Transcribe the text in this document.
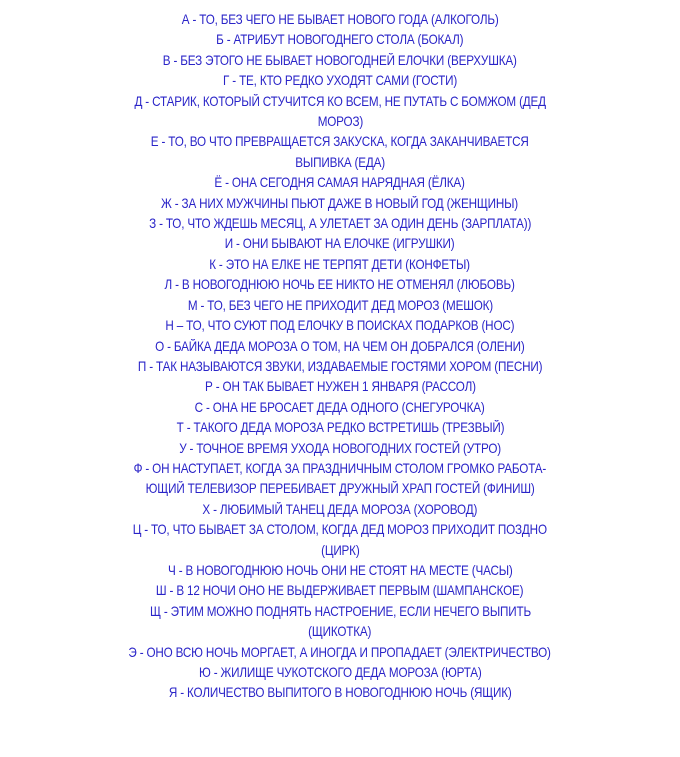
А - ТО, БЕЗ ЧЕГО НЕ БЫВАЕТ НОВОГО ГОДА (АЛКОГОЛЬ)
Б - АТРИБУТ НОВОГОДНЕГО СТОЛА (БОКАЛ)
В - БЕЗ ЭТОГО НЕ БЫВАЕТ НОВОГОДНЕЙ ЕЛОЧКИ (ВЕРХУШКА)
Г - ТЕ, КТО РЕДКО УХОДЯТ САМИ (ГОСТИ)
Д - СТАРИК, КОТОРЫЙ СТУЧИТСЯ КО ВСЕМ, НЕ ПУТАТЬ С БОМЖОМ (ДЕД
МОРОЗ)
Е - ТО, ВО ЧТО ПРЕВРАЩАЕТСЯ ЗАКУСКА, КОГДА ЗАКАНЧИВАЕТСЯ
ВЫПИВКА (ЕДА)
Ё - ОНА СЕГОДНЯ САМАЯ НАРЯДНАЯ (ЁЛКА)
Ж - ЗА НИХ МУЖЧИНЫ ПЬЮТ ДАЖЕ В НОВЫЙ ГОД (ЖЕНЩИНЫ)
З - ТО, ЧТО ЖДЕШЬ МЕСЯЦ, А УЛЕТАЕТ ЗА ОДИН ДЕНЬ (ЗАРПЛАТА))
И - ОНИ БЫВАЮТ НА ЕЛОЧКЕ (ИГРУШКИ)
К - ЭТО НА ЕЛКЕ НЕ ТЕРПЯТ ДЕТИ (КОНФЕТЫ)
Л - В НОВОГОДНЮЮ НОЧЬ ЕЕ НИКТО НЕ ОТМЕНЯЛ (ЛЮБОВЬ)
М - ТО, БЕЗ ЧЕГО НЕ ПРИХОДИТ ДЕД МОРОЗ (МЕШОК)
Н – ТО, ЧТО СУЮТ ПОД ЕЛОЧКУ В ПОИСКАХ ПОДАРКОВ (НОС)
О - БАЙКА ДЕДА МОРОЗА О ТОМ, НА ЧЕМ ОН ДОБРАЛСЯ (ОЛЕНИ)
П - ТАК НАЗЫВАЮТСЯ ЗВУКИ, ИЗДАВАЕМЫЕ ГОСТЯМИ ХОРОМ (ПЕСНИ)
Р - ОН ТАК БЫВАЕТ НУЖЕН 1 ЯНВАРЯ (РАССОЛ)
С - ОНА НЕ БРОСАЕТ ДЕДА ОДНОГО (СНЕГУРОЧКА)
Т - ТАКОГО ДЕДА МОРОЗА РЕДКО ВСТРЕТИШЬ (ТРЕЗВЫЙ)
У - ТОЧНОЕ ВРЕМЯ УХОДА НОВОГОДНИХ ГОСТЕЙ (УТРО)
Ф - ОН НАСТУПАЕТ, КОГДА ЗА ПРАЗДНИЧНЫМ СТОЛОМ ГРОМКО РАБОТА-
ЮЩИЙ ТЕЛЕВИЗОР ПЕРЕБИВАЕТ ДРУЖНЫЙ ХРАП ГОСТЕЙ (ФИНИШ)
Х - ЛЮБИМЫЙ ТАНЕЦ ДЕДА МОРОЗА (ХОРОВОД)
Ц - ТО, ЧТО БЫВАЕТ ЗА СТОЛОМ, КОГДА ДЕД МОРОЗ ПРИХОДИТ ПОЗДНО
(ЦИРК)
Ч - В НОВОГОДНЮЮ НОЧЬ ОНИ НЕ СТОЯТ НА МЕСТЕ (ЧАСЫ)
Ш - В 12 НОЧИ ОНО НЕ ВЫДЕРЖИВАЕТ ПЕРВЫМ (ШАМПАНСКОЕ)
Щ - ЭТИМ МОЖНО ПОДНЯТЬ НАСТРОЕНИЕ, ЕСЛИ НЕЧЕГО ВЫПИТЬ
(ЩИКОТКА)
Э - ОНО ВСЮ НОЧЬ МОРГАЕТ, А ИНОГДА И ПРОПАДАЕТ (ЭЛЕКТРИЧЕСТВО)
Ю - ЖИЛИЩЕ ЧУКОТСКОГО ДЕДА МОРОЗА (ЮРТА)
Я - КОЛИЧЕСТВО ВЫПИТОГО В НОВОГОДНЮЮ НОЧЬ (ЯЩИК)
